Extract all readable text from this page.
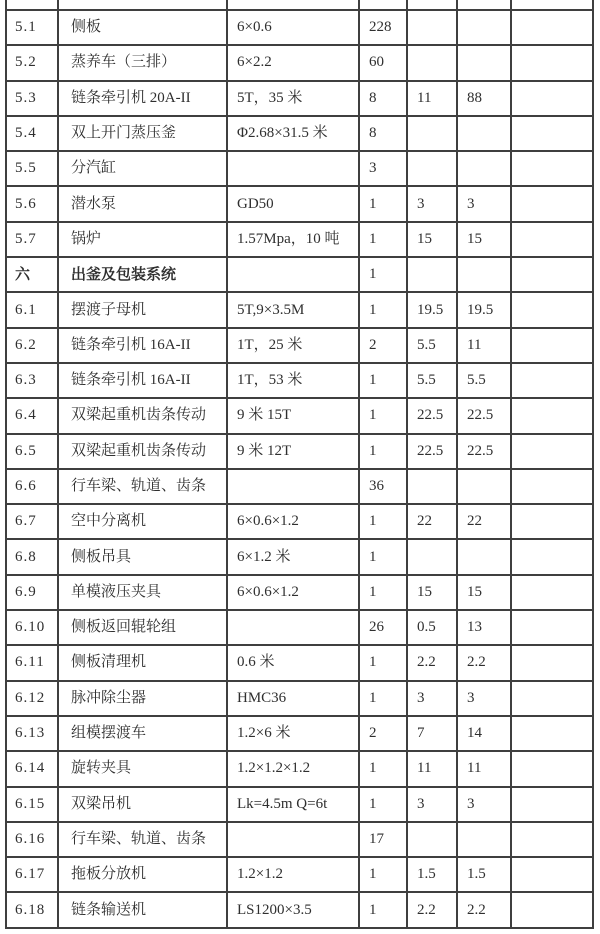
5.1	侧板	6×0.6	228			
5.2	蒸养车（三排）	6×2.2	60			
5.3	链条牵引机 20A-II	5T，35 米	8	11	88	
5.4	双上开门蒸压釜	Φ2.68×31.5 米	8			
5.5	分汽缸		3			
5.6	潜水泵	GD50	1	3	3	
5.7	锅炉	1.57Mpa，10 吨	1	15	15	
六	出釜及包装系统		1			
6.1	摆渡子母机	5T,9×3.5M	1	19.5	19.5	
6.2	链条牵引机 16A-II	1T，25 米	2	5.5	11	
6.3	链条牵引机 16A-II	1T，53 米	1	5.5	5.5	
6.4	双梁起重机齿条传动	9 米 15T	1	22.5	22.5	
6.5	双梁起重机齿条传动	9 米 12T	1	22.5	22.5	
6.6	行车梁、轨道、齿条		36			
6.7	空中分离机	6×0.6×1.2	1	22	22	
6.8	侧板吊具	6×1.2 米	1			
6.9	单模液压夹具	6×0.6×1.2	1	15	15	
6.10	侧板返回辊轮组		26	0.5	13	
6.11	侧板清理机	0.6 米	1	2.2	2.2	
6.12	脉冲除尘器	HMC36	1	3	3	
6.13	组模摆渡车	1.2×6 米	2	7	14	
6.14	旋转夹具	1.2×1.2×1.2	1	11	11	
6.15	双梁吊机	Lk=4.5m Q=6t	1	3	3	
6.16	行车梁、轨道、齿条		17			
6.17	拖板分放机	1.2×1.2	1	1.5	1.5	
6.18	链条输送机	LS1200×3.5	1	2.2	2.2	
